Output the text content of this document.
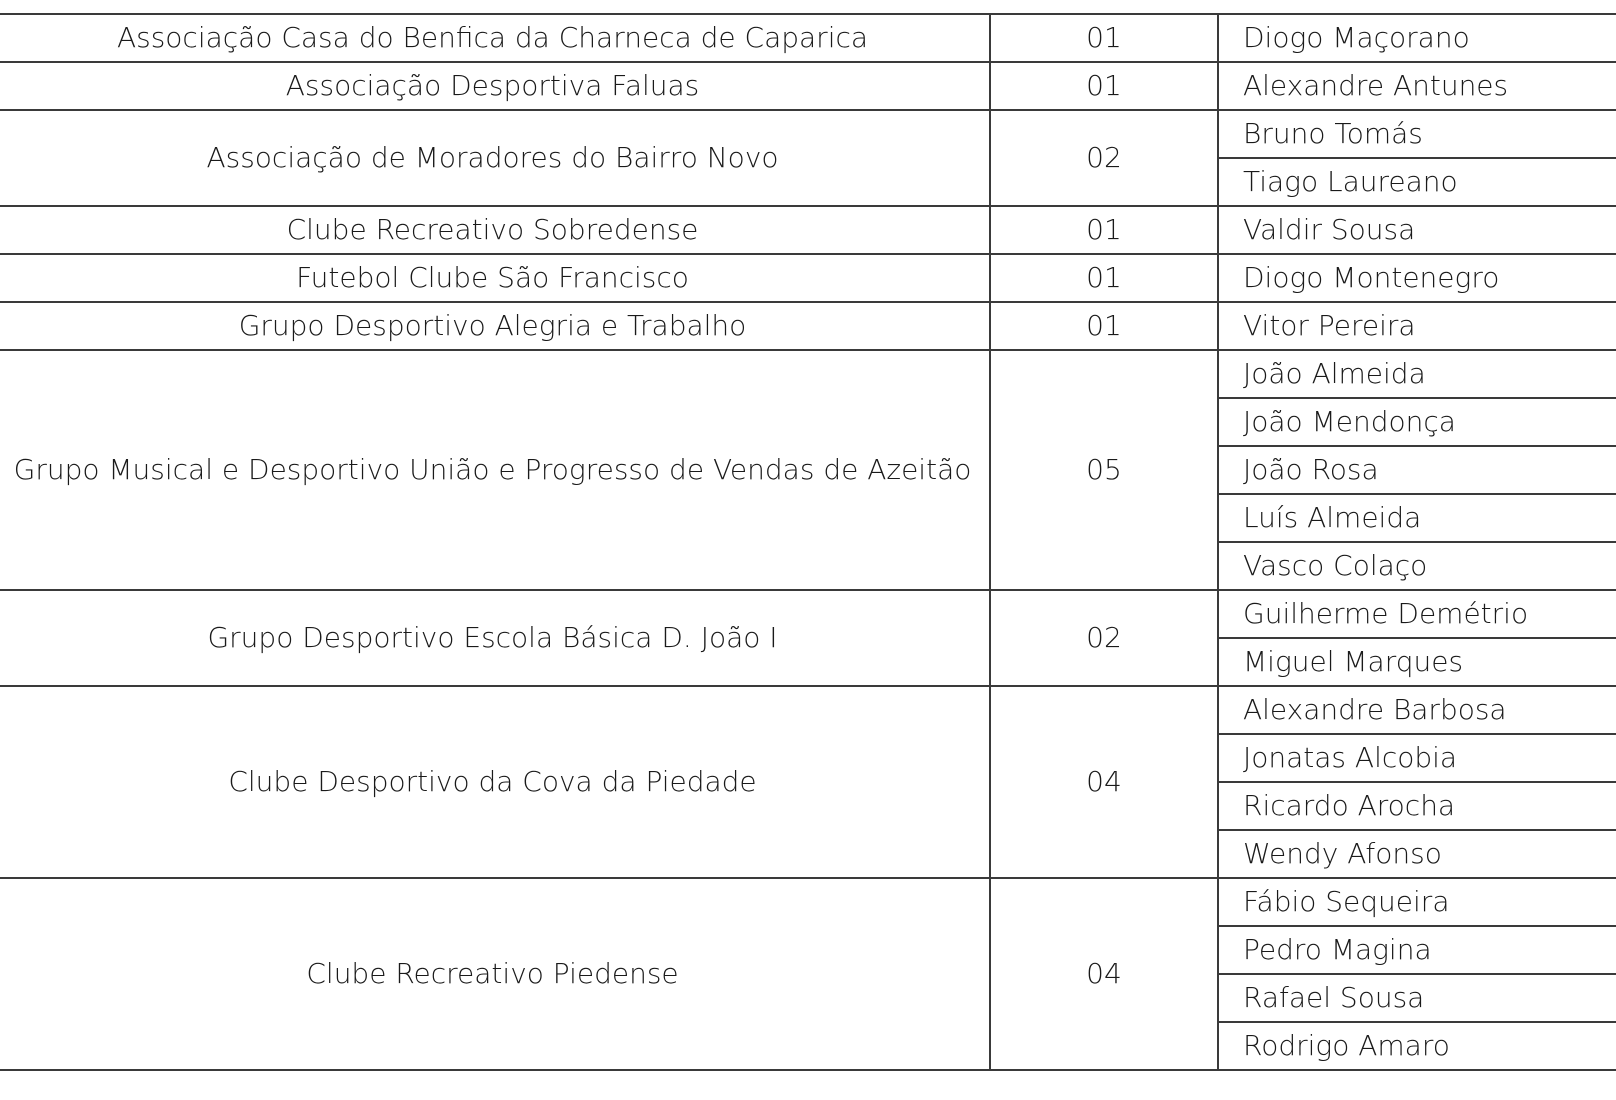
Associação Casa do Benfica da Charneca de Caparica	01	Diogo Maçorano
Associação Desportiva Faluas	01	Alexandre Antunes
Associação de Moradores do Bairro Novo	02	Bruno Tomás
		Tiago Laureano
Clube Recreativo Sobredense	01	Valdir Sousa
Futebol Clube São Francisco	01	Diogo Montenegro
Grupo Desportivo Alegria e Trabalho	01	Vitor Pereira
Grupo Musical e Desportivo União e Progresso de Vendas de Azeitão	05	João Almeida
		João Mendonça
		João Rosa
		Luís Almeida
		Vasco Colaço
Grupo Desportivo Escola Básica D. João I	02	Guilherme Demétrio
		Miguel Marques
Clube Desportivo da Cova da Piedade	04	Alexandre Barbosa
		Jonatas Alcobia
		Ricardo Arocha
		Wendy Afonso
Clube Recreativo Piedense	04	Fábio Sequeira
		Pedro Magina
		Rafael Sousa
		Rodrigo Amaro
